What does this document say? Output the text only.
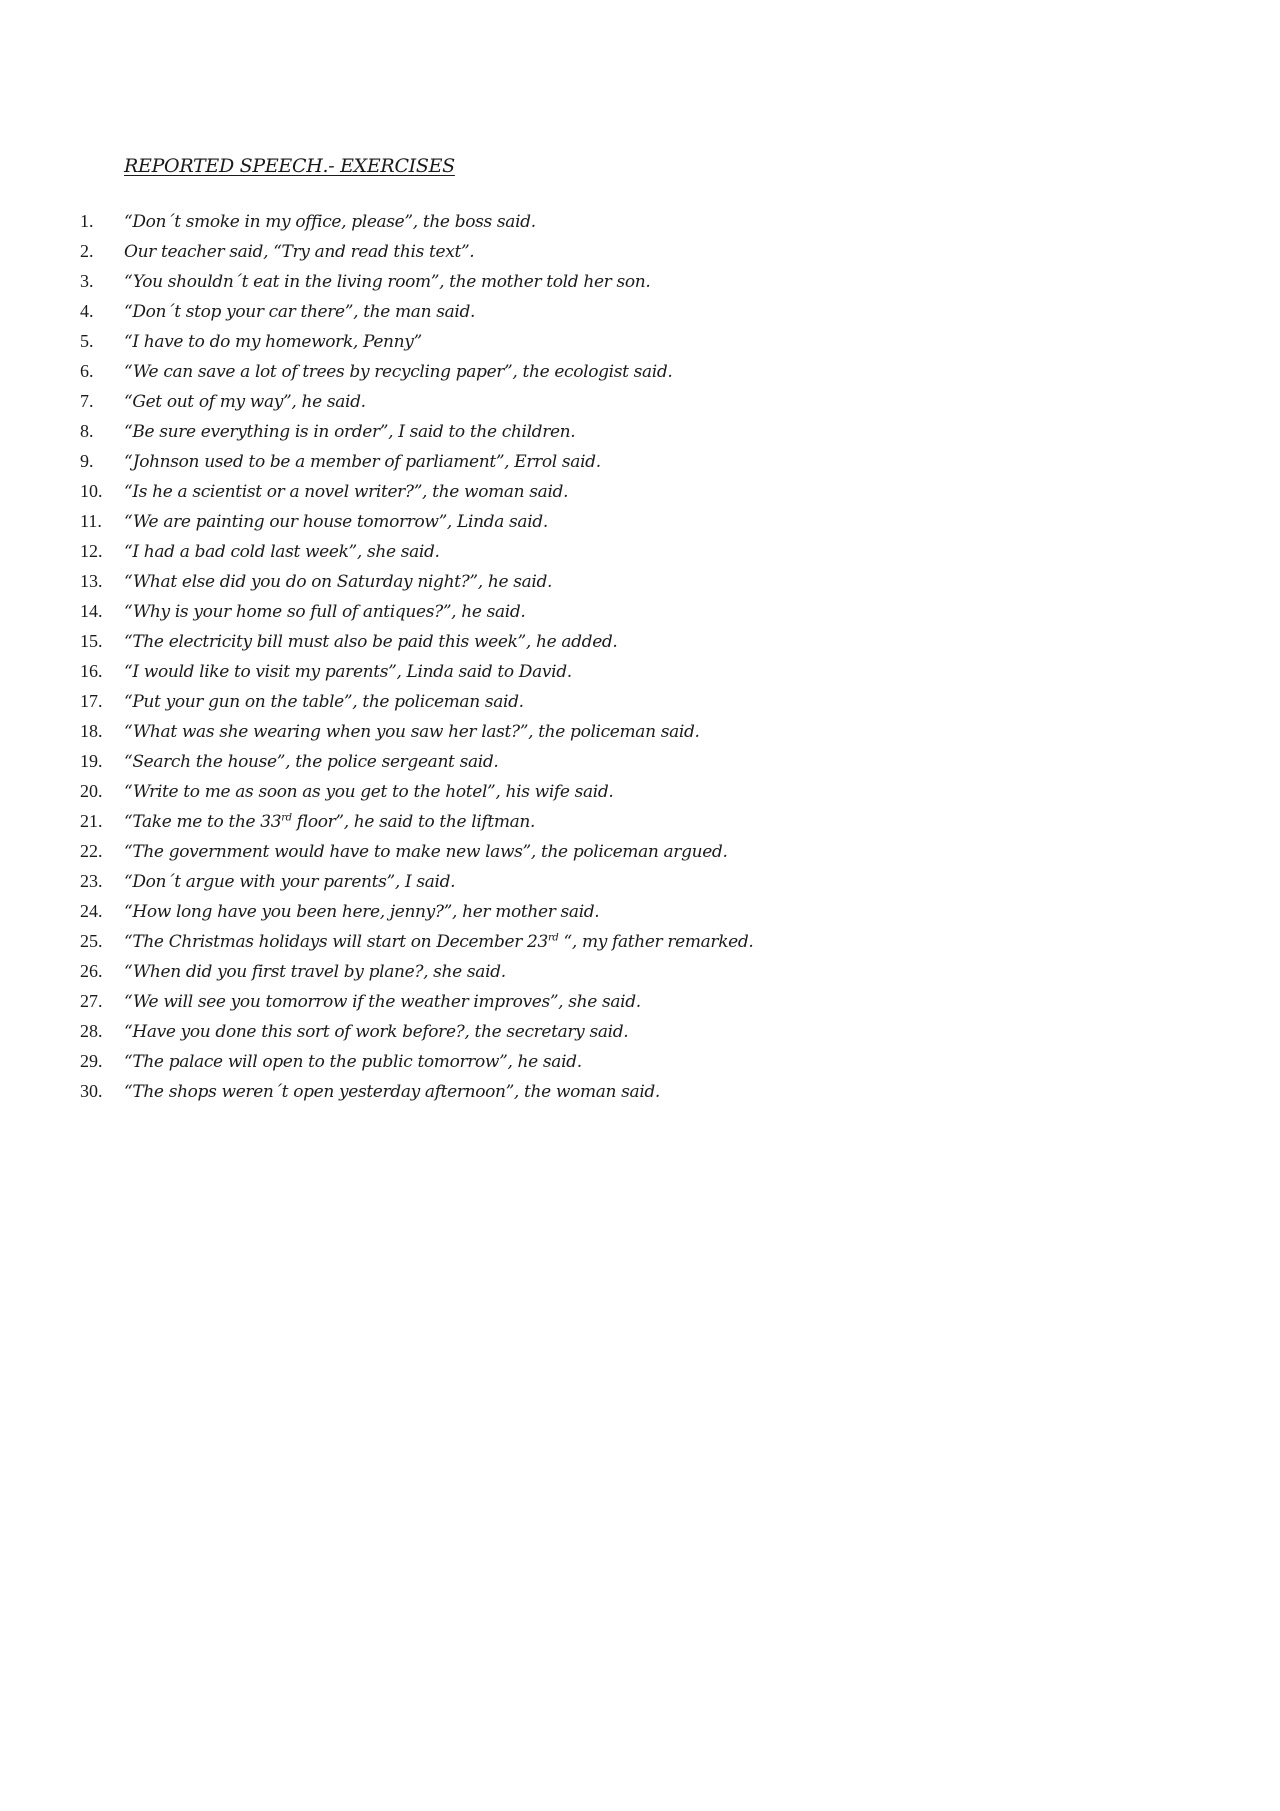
REPORTED SPEECH.- EXERCISES
1. “Don´t smoke in my office, please”, the boss said.
2. Our teacher said, “Try and read this text”.
3. “You shouldn´t eat in the living room”, the mother told her son.
4. “Don´t stop your car there”, the man said.
5. “I have to do my homework, Penny”
6. “We can save a lot of trees by recycling paper”, the ecologist said.
7. “Get out of my way”, he said.
8. “Be sure everything is in order”, I said to the children.
9. “Johnson used to be a member of parliament”, Errol said.
10. “Is he a scientist or a novel writer?”, the woman said.
11. “We are painting our house tomorrow”, Linda said.
12. “I had a bad cold last week”, she said.
13. “What else did you do on Saturday night?”, he said.
14. “Why is your home so full of antiques?”, he said.
15. “The electricity bill must also be paid this week”, he added.
16. “I would like to visit my parents”, Linda said to David.
17. “Put your gun on the table”, the policeman said.
18. “What was she wearing when you saw her last?”, the policeman said.
19. “Search the house”, the police sergeant said.
20. “Write to me as soon as you get to the hotel”, his wife said.
21. “Take me to the 33rd floor”, he said to the liftman.
22. “The government would have to make new laws”, the policeman argued.
23. “Don´t argue with your parents”, I said.
24. “How long have you been here, jenny?”, her mother said.
25. “The Christmas holidays will start on December 23rd “, my father remarked.
26. “When did you first travel by plane?, she said.
27. “We will see you tomorrow if the weather improves”, she said.
28. “Have you done this sort of work before?, the secretary said.
29. “The palace will open to the public tomorrow”, he said.
30. “The shops weren´t open yesterday afternoon”, the woman said.
